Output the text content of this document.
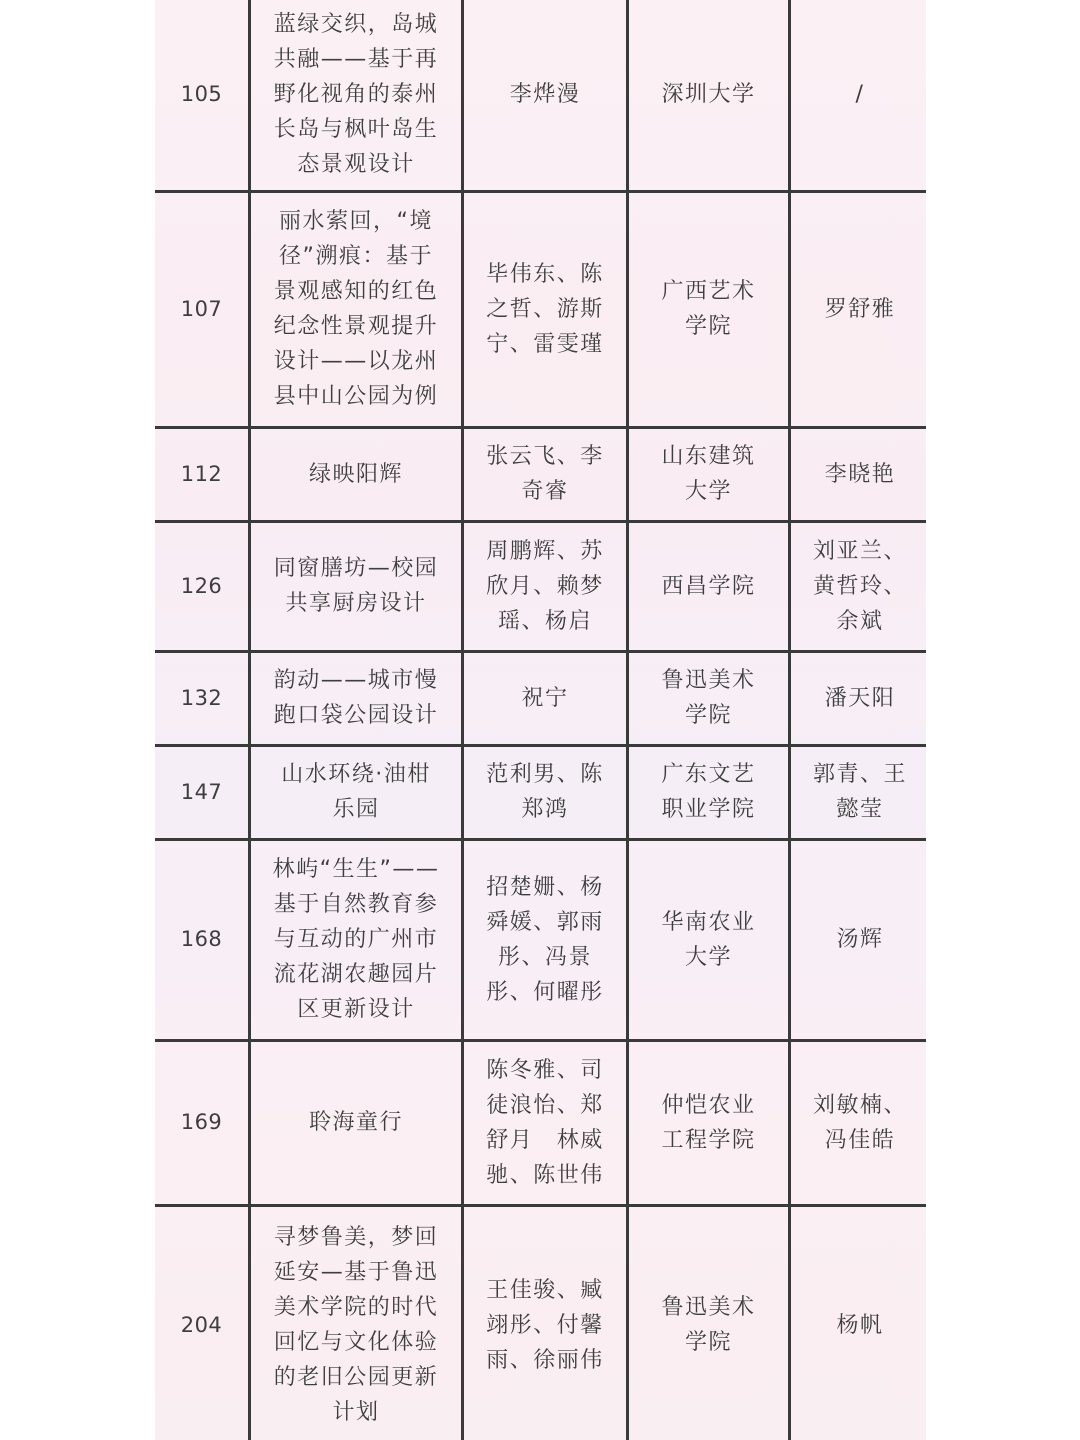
105	蓝绿交织，岛城共融——基于再野化视角的泰州长岛与枫叶岛生态景观设计	李烨漫	深圳大学	/
107	丽水萦回，“境径”溯痕：基于景观感知的红色纪念性景观提升设计——以龙州县中山公园为例	毕伟东、陈之哲、游斯宁、雷雯瑾	广西艺术学院	罗舒雅
112	绿映阳辉	张云飞、李奇睿	山东建筑大学	李晓艳
126	同窗膳坊—校园共享厨房设计	周鹏辉、苏欣月、赖梦瑶、杨启	西昌学院	刘亚兰、黄哲玲、余斌
132	韵动——城市慢跑口袋公园设计	祝宁	鲁迅美术学院	潘天阳
147	山水环绕·油柑乐园	范利男、陈郑鸿	广东文艺职业学院	郭青、王懿莹
168	林屿“生生”——基于自然教育参与互动的广州市流花湖农趣园片区更新设计	招楚姗、杨舜媛、郭雨彤、冯景彤、何曜彤	华南农业大学	汤辉
169	聆海童行	陈冬雅、司徒浪怡、郑舒月　林威驰、陈世伟	仲恺农业工程学院	刘敏楠、冯佳皓
204	寻梦鲁美，梦回延安—基于鲁迅美术学院的时代回忆与文化体验的老旧公园更新计划	王佳骏、臧翊彤、付馨雨、徐丽伟	鲁迅美术学院	杨帆
